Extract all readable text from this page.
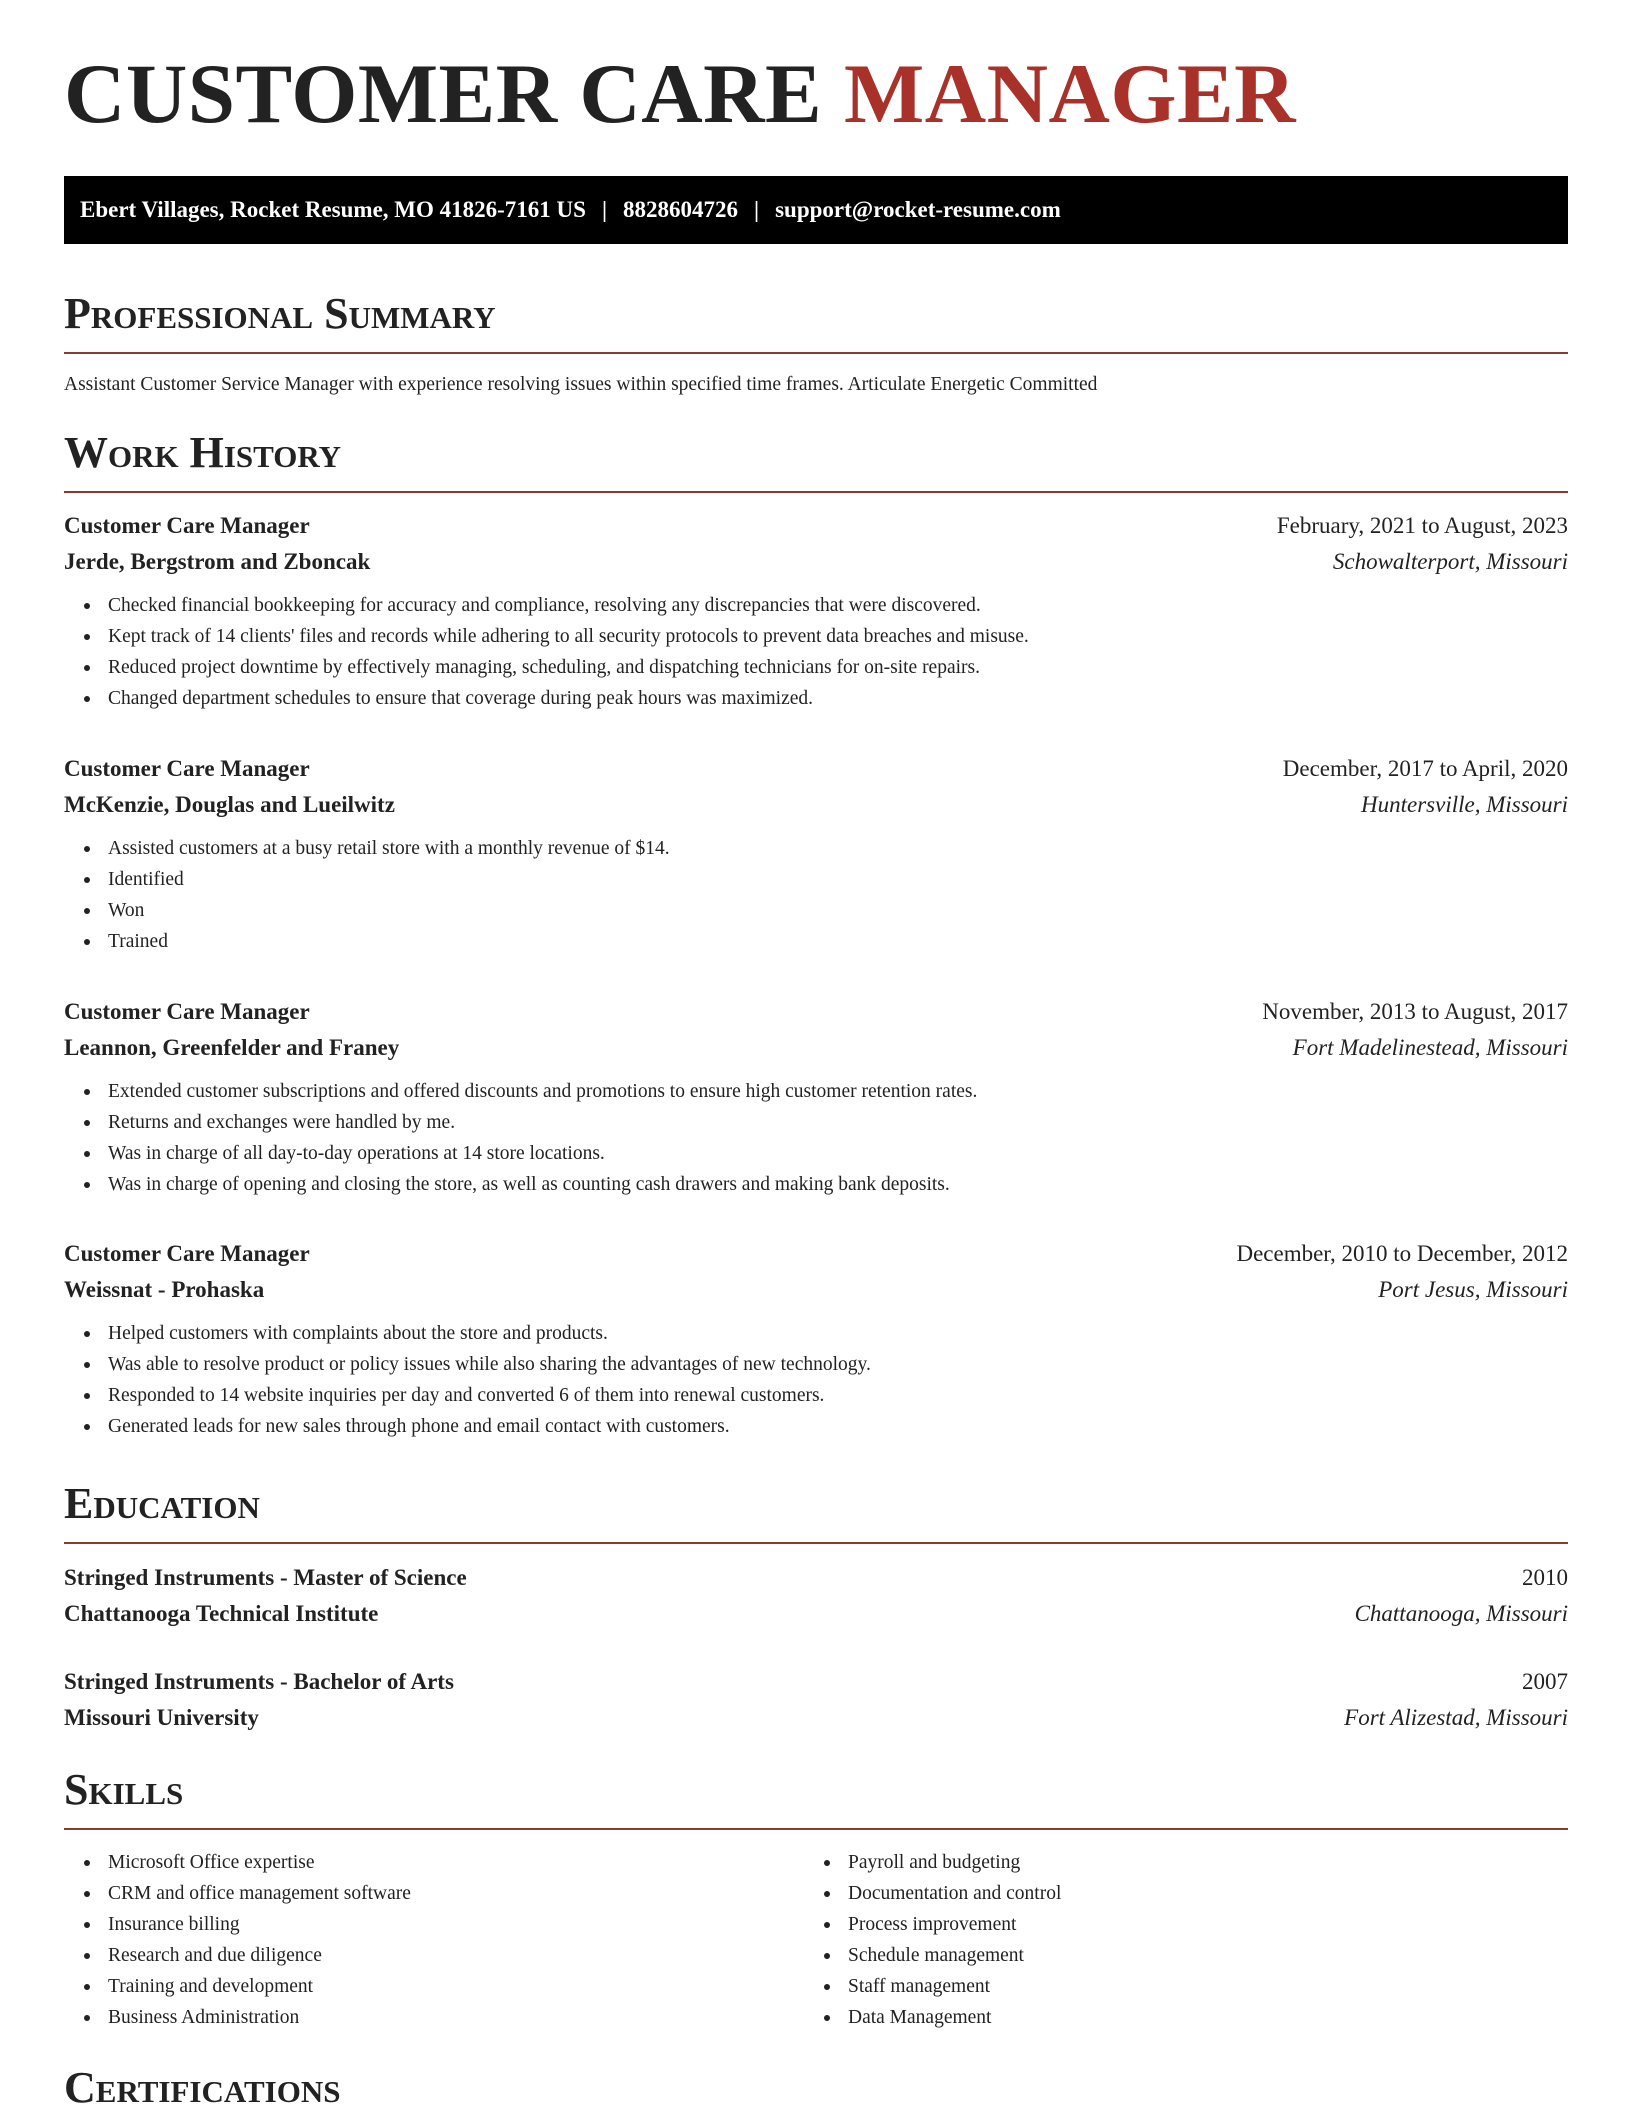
CUSTOMER CARE MANAGER
Ebert Villages, Rocket Resume, MO 41826-7161 US | 8828604726 | support@rocket-resume.com
Professional Summary
Assistant Customer Service Manager with experience resolving issues within specified time frames. Articulate Energetic Committed
Work History
Customer Care Manager	February, 2021 to August, 2023
Jerde, Bergstrom and Zboncak	Schowalterport, Missouri
Checked financial bookkeeping for accuracy and compliance, resolving any discrepancies that were discovered.
Kept track of 14 clients' files and records while adhering to all security protocols to prevent data breaches and misuse.
Reduced project downtime by effectively managing, scheduling, and dispatching technicians for on-site repairs.
Changed department schedules to ensure that coverage during peak hours was maximized.
Customer Care Manager	December, 2017 to April, 2020
McKenzie, Douglas and Lueilwitz	Huntersville, Missouri
Assisted customers at a busy retail store with a monthly revenue of $14.
Identified
Won
Trained
Customer Care Manager	November, 2013 to August, 2017
Leannon, Greenfelder and Franey	Fort Madelinestead, Missouri
Extended customer subscriptions and offered discounts and promotions to ensure high customer retention rates.
Returns and exchanges were handled by me.
Was in charge of all day-to-day operations at 14 store locations.
Was in charge of opening and closing the store, as well as counting cash drawers and making bank deposits.
Customer Care Manager	December, 2010 to December, 2012
Weissnat - Prohaska	Port Jesus, Missouri
Helped customers with complaints about the store and products.
Was able to resolve product or policy issues while also sharing the advantages of new technology.
Responded to 14 website inquiries per day and converted 6 of them into renewal customers.
Generated leads for new sales through phone and email contact with customers.
Education
Stringed Instruments - Master of Science	2010
Chattanooga Technical Institute	Chattanooga, Missouri
Stringed Instruments - Bachelor of Arts	2007
Missouri University	Fort Alizestad, Missouri
Skills
Microsoft Office expertise
CRM and office management software
Insurance billing
Research and due diligence
Training and development
Business Administration
Payroll and budgeting
Documentation and control
Process improvement
Schedule management
Staff management
Data Management
Certifications
